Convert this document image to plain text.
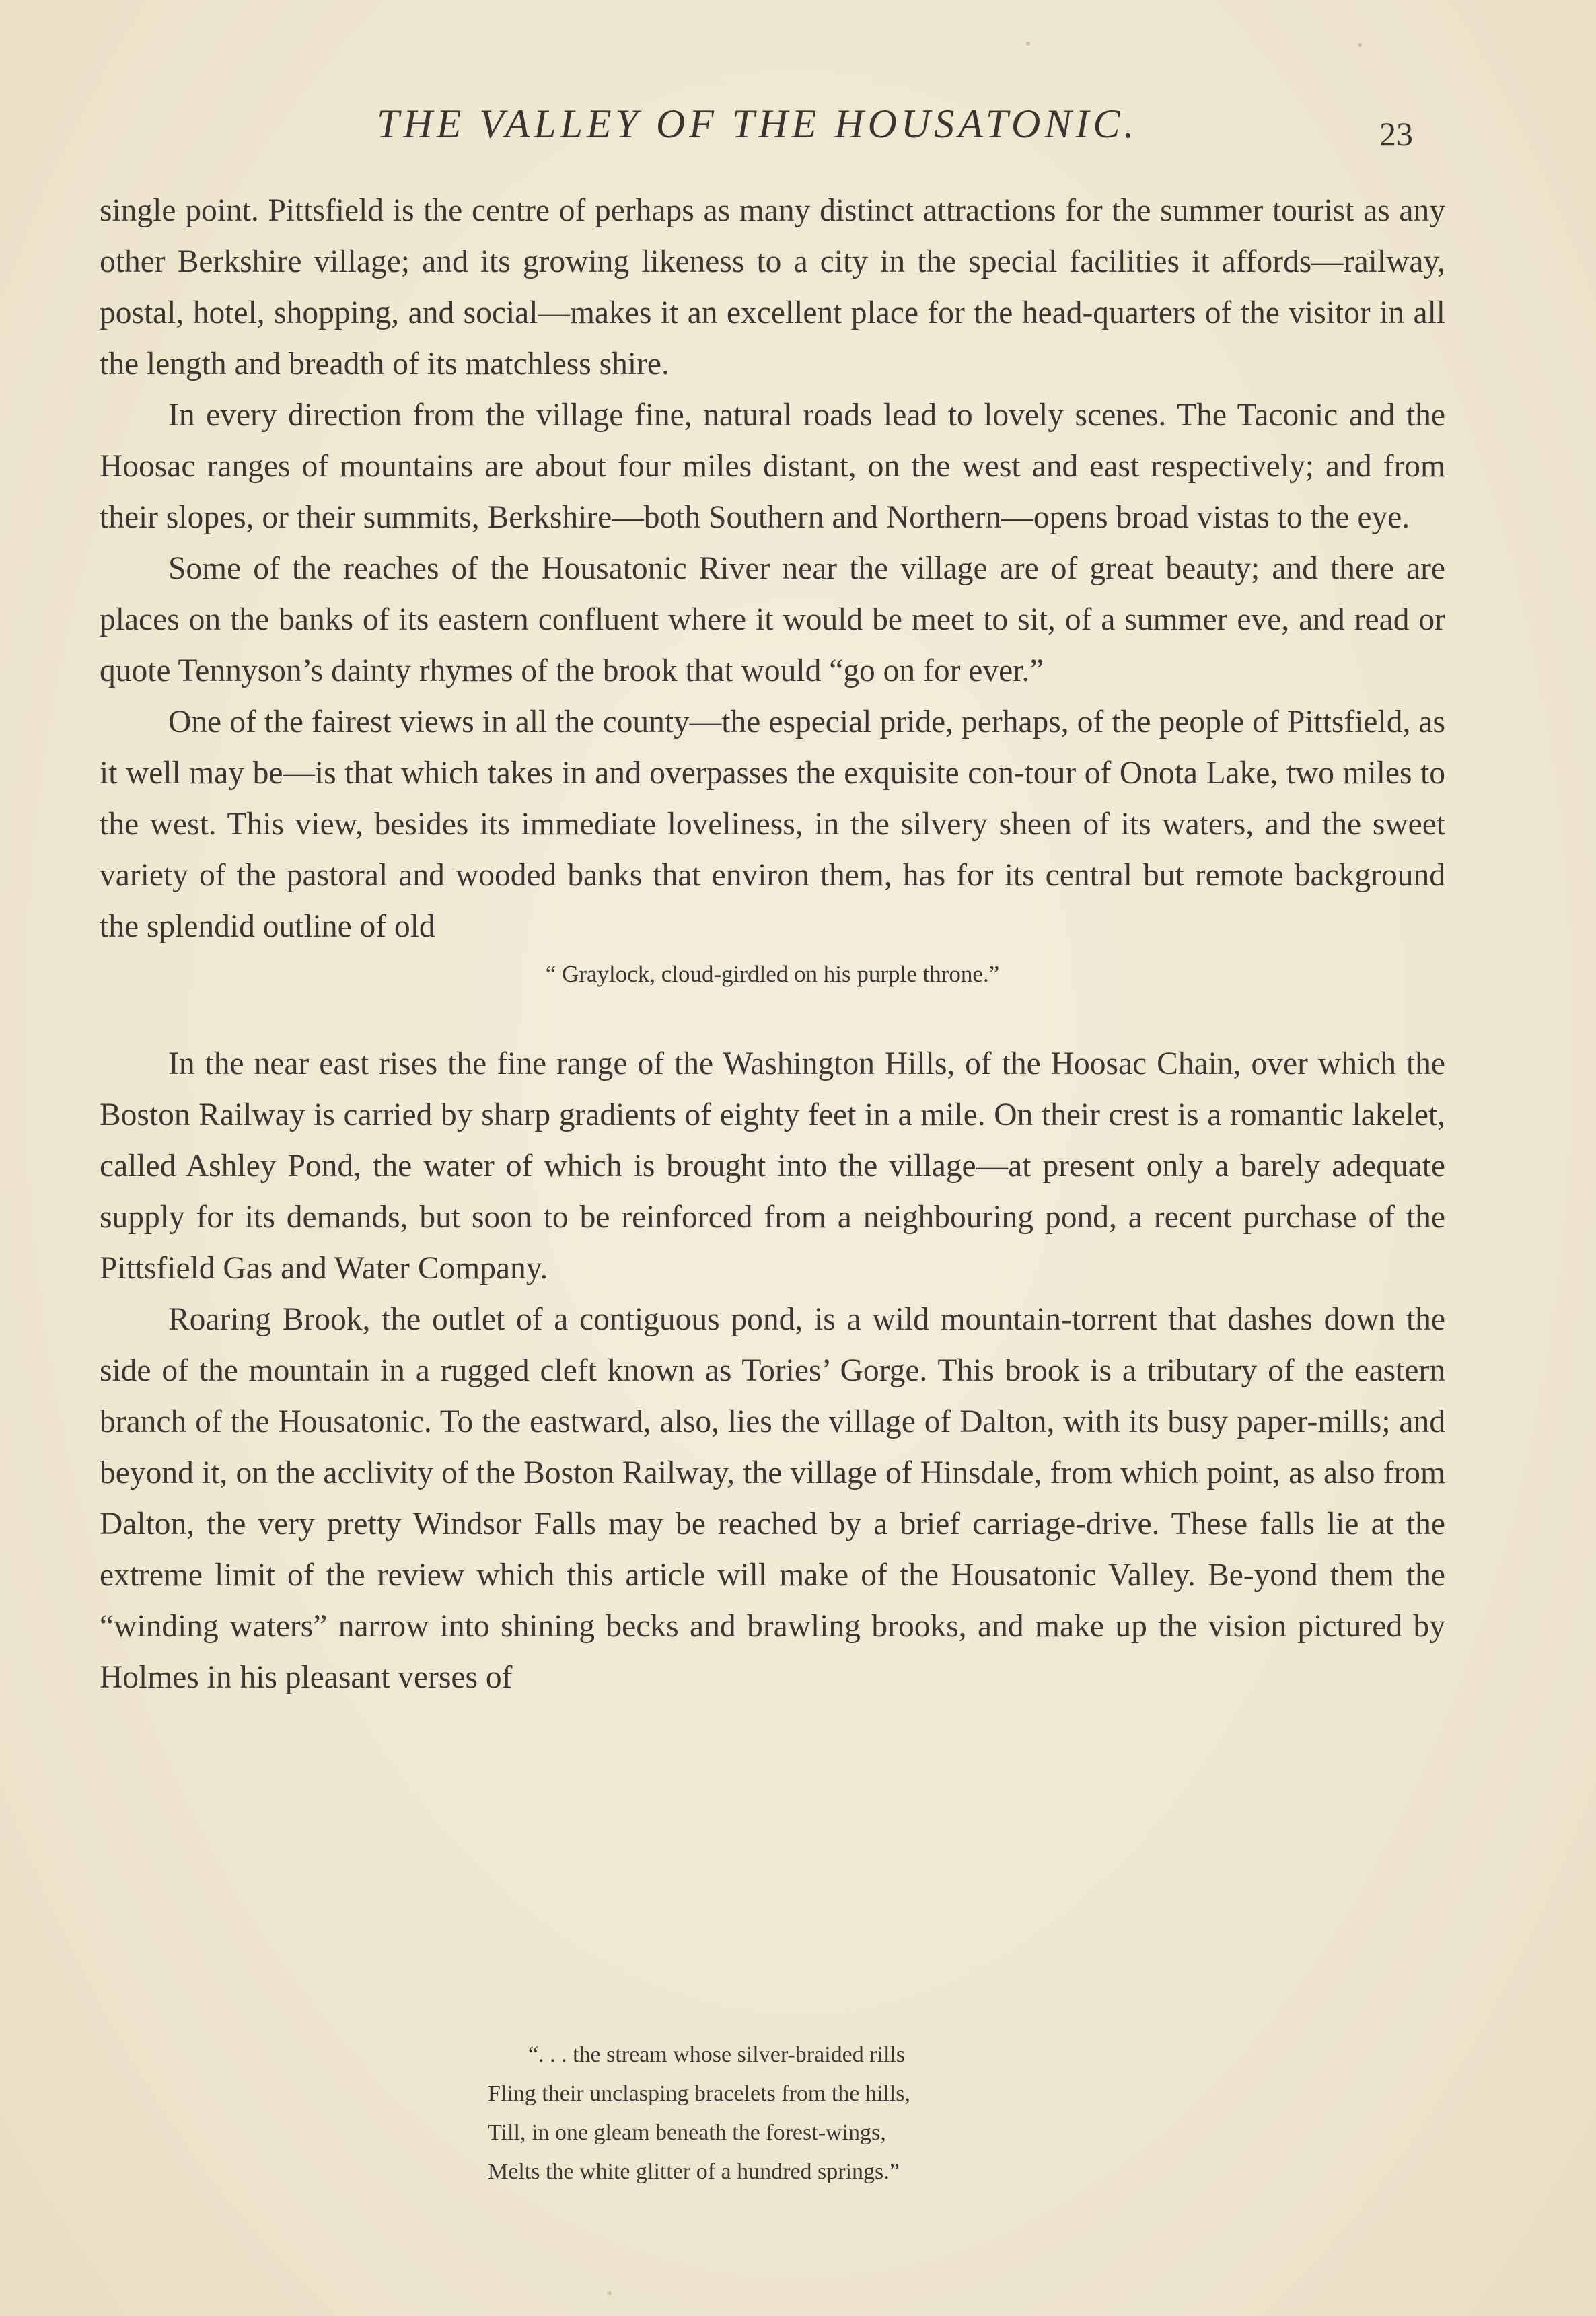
THE VALLEY OF THE HOUSATONIC.	23

single point. Pittsfield is the centre of perhaps as many distinct attractions for the summer tourist as any other Berkshire village; and its growing likeness to a city in the special facilities it affords—railway, postal, hotel, shopping, and social—makes it an excellent place for the head-quarters of the visitor in all the length and breadth of its matchless shire.

In every direction from the village fine, natural roads lead to lovely scenes. The Taconic and the Hoosac ranges of mountains are about four miles distant, on the west and east respectively; and from their slopes, or their summits, Berkshire—both Southern and Northern—opens broad vistas to the eye.

Some of the reaches of the Housatonic River near the village are of great beauty; and there are places on the banks of its eastern confluent where it would be meet to sit, of a summer eve, and read or quote Tennyson’s dainty rhymes of the brook that would “go on for ever.”

One of the fairest views in all the county—the especial pride, perhaps, of the people of Pittsfield, as it well may be—is that which takes in and overpasses the exquisite con-tour of Onota Lake, two miles to the west. This view, besides its immediate loveliness, in the silvery sheen of its waters, and the sweet variety of the pastoral and wooded banks that environ them, has for its central but remote background the splendid outline of old

“ Graylock, cloud-girdled on his purple throne.”

In the near east rises the fine range of the Washington Hills, of the Hoosac Chain, over which the Boston Railway is carried by sharp gradients of eighty feet in a mile. On their crest is a romantic lakelet, called Ashley Pond, the water of which is brought into the village—at present only a barely adequate supply for its demands, but soon to be reinforced from a neighbouring pond, a recent purchase of the Pittsfield Gas and Water Company.

Roaring Brook, the outlet of a contiguous pond, is a wild mountain-torrent that dashes down the side of the mountain in a rugged cleft known as Tories’ Gorge. This brook is a tributary of the eastern branch of the Housatonic. To the eastward, also, lies the village of Dalton, with its busy paper-mills; and beyond it, on the acclivity of the Boston Railway, the village of Hinsdale, from which point, as also from Dalton, the very pretty Windsor Falls may be reached by a brief carriage-drive. These falls lie at the extreme limit of the review which this article will make of the Housatonic Valley. Be-yond them the “winding waters” narrow into shining becks and brawling brooks, and make up the vision pictured by Holmes in his pleasant verses of

“. . . the stream whose silver-braided rills
Fling their unclasping bracelets from the hills,
Till, in one gleam beneath the forest-wings,
Melts the white glitter of a hundred springs.”
